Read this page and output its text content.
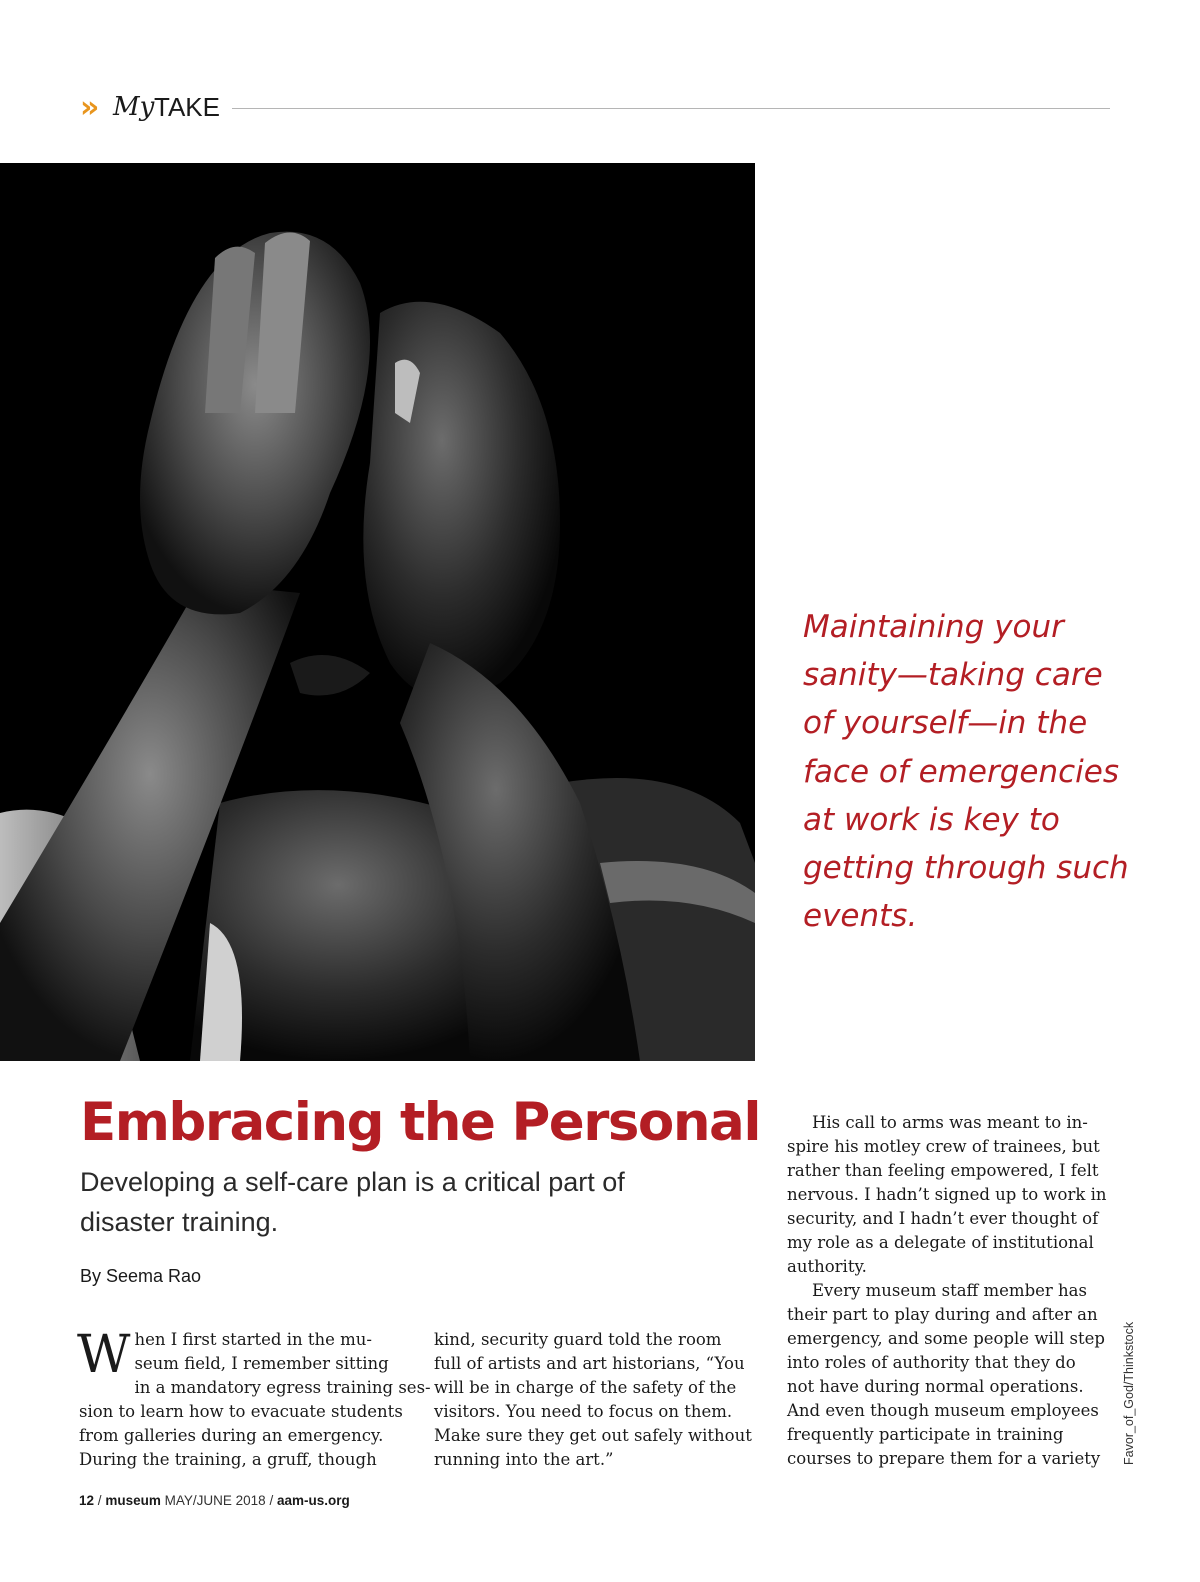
» My TAKE

Maintaining your sanity—taking care of yourself—in the face of emergencies at work is key to getting through such events.

Embracing the Personal

Developing a self-care plan is a critical part of disaster training.

By Seema Rao
W hen I first started in the mu-
seum field, I remember sitting
in a mandatory egress training ses-
sion to learn how to evacuate students
from galleries during an emergency.
During the training, a gruff, though
kind, security guard told the room
full of artists and art historians, “You
will be in charge of the safety of the
visitors. You need to focus on them.
Make sure they get out safely without
running into the art.”
His call to arms was meant to in-
spire his motley crew of trainees, but
rather than feeling empowered, I felt
nervous. I hadn’t signed up to work in
security, and I hadn’t ever thought of
my role as a delegate of institutional
authority.
Every museum staff member has
their part to play during and after an
emergency, and some people will step
into roles of authority that they do
not have during normal operations.
And even though museum employees
frequently participate in training
courses to prepare them for a variety	Favor_of_God/Thinkstock
12 / museum MAY/JUNE 2018 / aam-us.org
